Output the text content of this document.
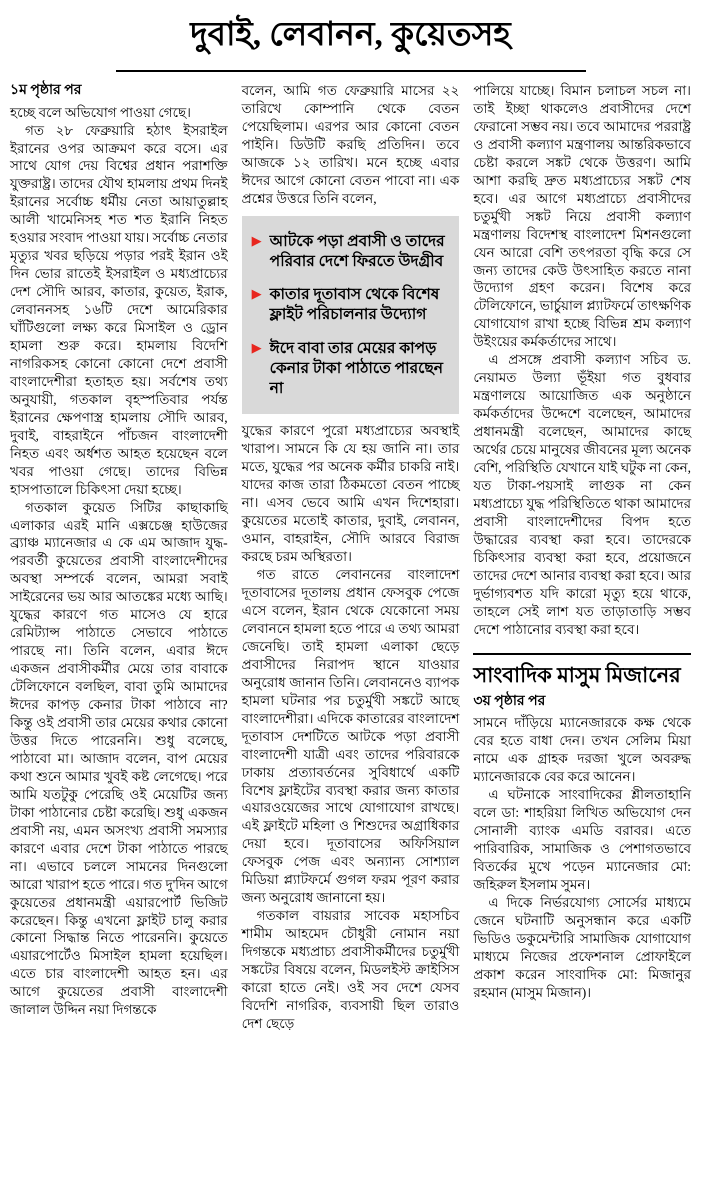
দুবাই, লেবানন, কুয়েতসহ

১ম পৃষ্ঠার পর

হচ্ছে বলে অভিযোগ পাওয়া গেছে।

গত ২৮ ফেব্রুয়ারি হঠাৎ ইসরাইল ইরানের ওপর আক্রমণ করে বসে। এর সাথে যোগ দেয় বিশ্বের প্রধান পরাশক্তি যুক্তরাষ্ট্র। তাদের যৌথ হামলায় প্রথম দিনই ইরানের সর্বোচ্চ ধর্মীয় নেতা আয়াতুল্লাহ আলী খামেনিসহ শত শত ইরানি নিহত হওয়ার সংবাদ পাওয়া যায়। সর্বোচ্চ নেতার মৃত্যুর খবর ছড়িয়ে পড়ার পরই ইরান ওই দিন ভোর রাতেই ইসরাইল ও মধ্যপ্রাচ্যের দেশ সৌদি আরব, কাতার, কুয়েত, ইরাক, লেবাননসহ ১৬টি দেশে আমেরিকার ঘাঁটিগুলো লক্ষ্য করে মিসাইল ও ড্রোন হামলা শুরু করে। হামলায় বিদেশি নাগরিকসহ কোনো কোনো দেশে প্রবাসী বাংলাদেশীরা হতাহত হয়। সর্বশেষ তথ্য অনুযায়ী, গতকাল বৃহস্পতিবার পর্যন্ত ইরানের ক্ষেপণাস্ত্র হামলায় সৌদি আরব, দুবাই, বাহরাইনে পাঁচজন বাংলাদেশী নিহত এবং অর্ধশত আহত হয়েছেন বলে খবর পাওয়া গেছে। তাদের বিভিন্ন হাসপাতালে চিকিৎসা দেয়া হচ্ছে।

গতকাল কুয়েত সিটির কাছাকাছি এলাকার এরই মানি এক্সচেঞ্জ হাউজের ব্র্যাঞ্চ ম্যানেজার এ কে এম আজাদ যুদ্ধ-পরবর্তী কুয়েতের প্রবাসী বাংলাদেশীদের অবস্থা সম্পর্কে বলেন, আমরা সবাই সাইরেনের ভয় আর আতঙ্কের মধ্যে আছি। যুদ্ধের কারণে গত মাসেও যে হারে রেমিট্যান্স পাঠাতে সেভাবে পাঠাতে পারছে না। তিনি বলেন, এবার ঈদে একজন প্রবাসীকর্মীর মেয়ে তার বাবাকে টেলিফোনে বলছিল, বাবা তুমি আমাদের ঈদের কাপড় কেনার টাকা পাঠাবে না? কিন্তু ওই প্রবাসী তার মেয়ের কথার কোনো উত্তর দিতে পারেননি। শুধু বলেছে, পাঠাবো মা। আজাদ বলেন, বাপ মেয়ের কথা শুনে আমার খুবই কষ্ট লেগেছে। পরে আমি যতটুকু পেরেছি ওই মেয়েটির জন্য টাকা পাঠানোর চেষ্টা করেছি। শুধু একজন প্রবাসী নয়, এমন অসংখ্য প্রবাসী সমস্যার কারণে এবার দেশে টাকা পাঠাতে পারছে না। এভাবে চললে সামনের দিনগুলো আরো খারাপ হতে পারে। গত দু'দিন আগে কুয়েতের প্রধানমন্ত্রী এয়ারপোর্ট ভিজিট করেছেন। কিন্তু এখনো ফ্লাইট চালু করার কোনো সিদ্ধান্ত নিতে পারেননি। কুয়েতে এয়ারপোর্টেও মিসাইল হামলা হয়েছিল। এতে চার বাংলাদেশী আহত হন। এর আগে কুয়েতের প্রবাসী বাংলাদেশী জালাল উদ্দিন নয়া দিগন্তকে

বলেন, আমি গত ফেব্রুয়ারি মাসের ২২ তারিখে কোম্পানি থেকে বেতন পেয়েছিলাম। এরপর আর কোনো বেতন পাইনি। ডিউটি করছি প্রতিদিন। তবে আজকে ১২ তারিখ। মনে হচ্ছে এবার ঈদের আগে কোনো বেতন পাবো না। এক প্রশ্নের উত্তরে তিনি বলেন,

▶ আটকে পড়া প্রবাসী ও তাদের পরিবার দেশে ফিরতে উদগ্রীব
▶ কাতার দূতাবাস থেকে বিশেষ ফ্লাইট পরিচালনার উদ্যোগ
▶ ঈদে বাবা তার মেয়ের কাপড় কেনার টাকা পাঠাতে পারছেন না

যুদ্ধের কারণে পুরো মধ্যপ্রাচ্যের অবস্থাই খারাপ। সামনে কি যে হয় জানি না। তার মতে, যুদ্ধের পর অনেক কর্মীর চাকরি নাই। যাদের কাজ তারা ঠিকমতো বেতন পাচ্ছে না। এসব ভেবে আমি এখন দিশেহারা। কুয়েতের মতোই কাতার, দুবাই, লেবানন, ওমান, বাহরাইন, সৌদি আরবে বিরাজ করছে চরম অস্থিরতা।

গত রাতে লেবাননের বাংলাদেশ দূতাবাসের দূতালয় প্রধান ফেসবুক পেজে এসে বলেন, ইরান থেকে যেকোনো সময় লেবাননে হামলা হতে পারে এ তথ্য আমরা জেনেছি। তাই হামলা এলাকা ছেড়ে প্রবাসীদের নিরাপদ স্থানে যাওয়ার অনুরোধ জানান তিনি। লেবাননেও ব্যাপক হামলা ঘটনার পর চতুর্মুখী সঙ্কটে আছে বাংলাদেশীরা। এদিকে কাতারের বাংলাদেশ দূতাবাস দেশটিতে আটকে পড়া প্রবাসী বাংলাদেশী যাত্রী এবং তাদের পরিবারকে ঢাকায় প্রত্যাবর্তনের সুবিধার্থে একটি বিশেষ ফ্লাইটের ব্যবস্থা করার জন্য কাতার এয়ারওয়েজের সাথে যোগাযোগ রাখছে। এই ফ্লাইটে মহিলা ও শিশুদের অগ্রাধিকার দেয়া হবে। দূতাবাসের অফিসিয়াল ফেসবুক পেজ এবং অন্যান্য সোশ্যাল মিডিয়া প্ল্যাটফর্মে গুগল ফরম পূরণ করার জন্য অনুরোধ জানানো হয়।

গতকাল বায়রার সাবেক মহাসচিব শামীম আহমেদ চৌধুরী নোমান নয়া দিগন্তকে মধ্যপ্রাচ্য প্রবাসীকর্মীদের চতুর্মুখী সঙ্কটের বিষয়ে বলেন, মিডলইস্ট ক্রাইসিস কারো হাতে নেই। ওই সব দেশে যেসব বিদেশি নাগরিক, ব্যবসায়ী ছিল তারাও দেশ ছেড়ে

পালিয়ে যাচ্ছে। বিমান চলাচল সচল না। তাই ইচ্ছা থাকলেও প্রবাসীদের দেশে ফেরানো সম্ভব নয়। তবে আমাদের পররাষ্ট্র ও প্রবাসী কল্যাণ মন্ত্রণালয় আন্তরিকভাবে চেষ্টা করলে সঙ্কট থেকে উত্তরণ। আমি আশা করছি দ্রুত মধ্যপ্রাচ্যের সঙ্কট শেষ হবে। এর আগে মধ্যপ্রাচ্যে প্রবাসীদের চতুর্মুখী সঙ্কট নিয়ে প্রবাসী কল্যাণ মন্ত্রণালয় বিদেশস্থ বাংলাদেশ মিশনগুলো যেন আরো বেশি তৎপরতা বৃদ্ধি করে সে জন্য তাদের কেউ উৎসাহিত করতে নানা উদ্যোগ গ্রহণ করেন। বিশেষ করে টেলিফোনে, ভার্চুয়াল প্ল্যাটফর্মে তাৎক্ষণিক যোগাযোগ রাখা হচ্ছে বিভিন্ন শ্রম কল্যাণ উইংয়ের কর্মকর্তাদের সাথে।

এ প্রসঙ্গে প্রবাসী কল্যাণ সচিব ড. নেয়ামত উল্যা ভূঁইয়া গত বুধবার মন্ত্রণালয়ে আয়োজিত এক অনুষ্ঠানে কর্মকর্তাদের উদ্দেশে বলেছেন, আমাদের প্রধানমন্ত্রী বলেছেন, আমাদের কাছে অর্থের চেয়ে মানুষের জীবনের মূল্য অনেক বেশি, পরিস্থিতি যেখানে যাই ঘটুক না কেন, যত টাকা-পয়সাই লাগুক না কেন মধ্যপ্রাচ্যে যুদ্ধ পরিস্থিতিতে থাকা আমাদের প্রবাসী বাংলাদেশীদের বিপদ হতে উদ্ধারের ব্যবস্থা করা হবে। তাদেরকে চিকিৎসার ব্যবস্থা করা হবে, প্রয়োজনে তাদের দেশে আনার ব্যবস্থা করা হবে। আর দুর্ভাগ্যবশত যদি কারো মৃত্যু হয়ে থাকে, তাহলে সেই লাশ যত তাড়াতাড়ি সম্ভব দেশে পাঠানোর ব্যবস্থা করা হবে।

সাংবাদিক মাসুম মিজানের

৩য় পৃষ্ঠার পর

সামনে দাঁড়িয়ে ম্যানেজারকে কক্ষ থেকে বের হতে বাধা দেন। তখন সেলিম মিয়া নামে এক গ্রাহক দরজা খুলে অবরুদ্ধ ম্যানেজারকে বের করে আনেন।

এ ঘটনাকে সাংবাদিকের শ্লীলতাহানি বলে ডা: শাহরিয়া লিখিত অভিযোগ দেন সোনালী ব্যাংক এমডি বরাবর। এতে পারিবারিক, সামাজিক ও পেশাগতভাবে বিতর্কের মুখে পড়েন ম্যানেজার মো: জহিরুল ইসলাম সুমন।

এ দিকে নির্ভরযোগ্য সোর্সের মাধ্যমে জেনে ঘটনাটি অনুসন্ধান করে একটি ভিডিও ডকুমেন্টারি সামাজিক যোগাযোগ মাধ্যমে নিজের প্রফেশনাল প্রোফাইলে প্রকাশ করেন সাংবাদিক মো: মিজানুর রহমান (মাসুম মিজান)।
